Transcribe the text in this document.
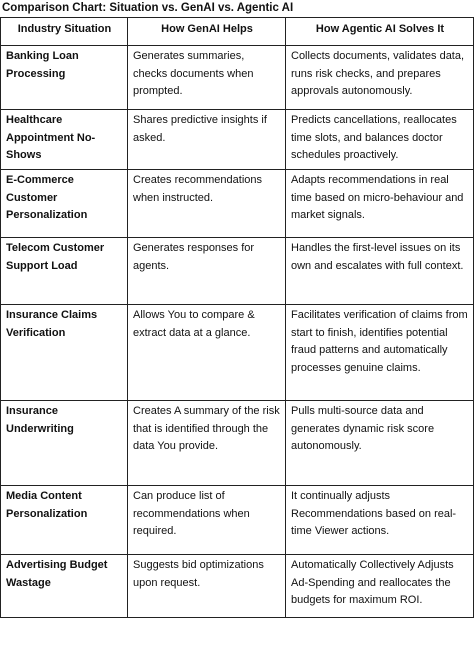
Comparison Chart: Situation vs. GenAI vs. Agentic AI
Industry Situation	How GenAI Helps	How Agentic AI Solves It
Banking Loan Processing	Generates summaries, checks documents when prompted.	Collects documents, validates data, runs risk checks, and prepares approvals autonomously.
Healthcare Appointment No-Shows	Shares predictive insights if asked.	Predicts cancellations, reallocates time slots, and balances doctor schedules proactively.
E-Commerce Customer Personalization	Creates recommendations when instructed.	Adapts recommendations in real time based on micro-behaviour and market signals.
Telecom Customer Support Load	Generates responses for agents.	Handles the first-level issues on its own and escalates with full context.
Insurance Claims Verification	Allows You to compare & extract data at a glance.	Facilitates verification of claims from start to finish, identifies potential fraud patterns and automatically processes genuine claims.
Insurance Underwriting	Creates A summary of the risk that is identified through the data You provide.	Pulls multi-source data and generates dynamic risk score autonomously.
Media Content Personalization	Can produce list of recommendations when required.	It continually adjusts Recommendations based on real-time Viewer actions.
Advertising Budget Wastage	Suggests bid optimizations upon request.	Automatically Collectively Adjusts Ad-Spending and reallocates the budgets for maximum ROI.
